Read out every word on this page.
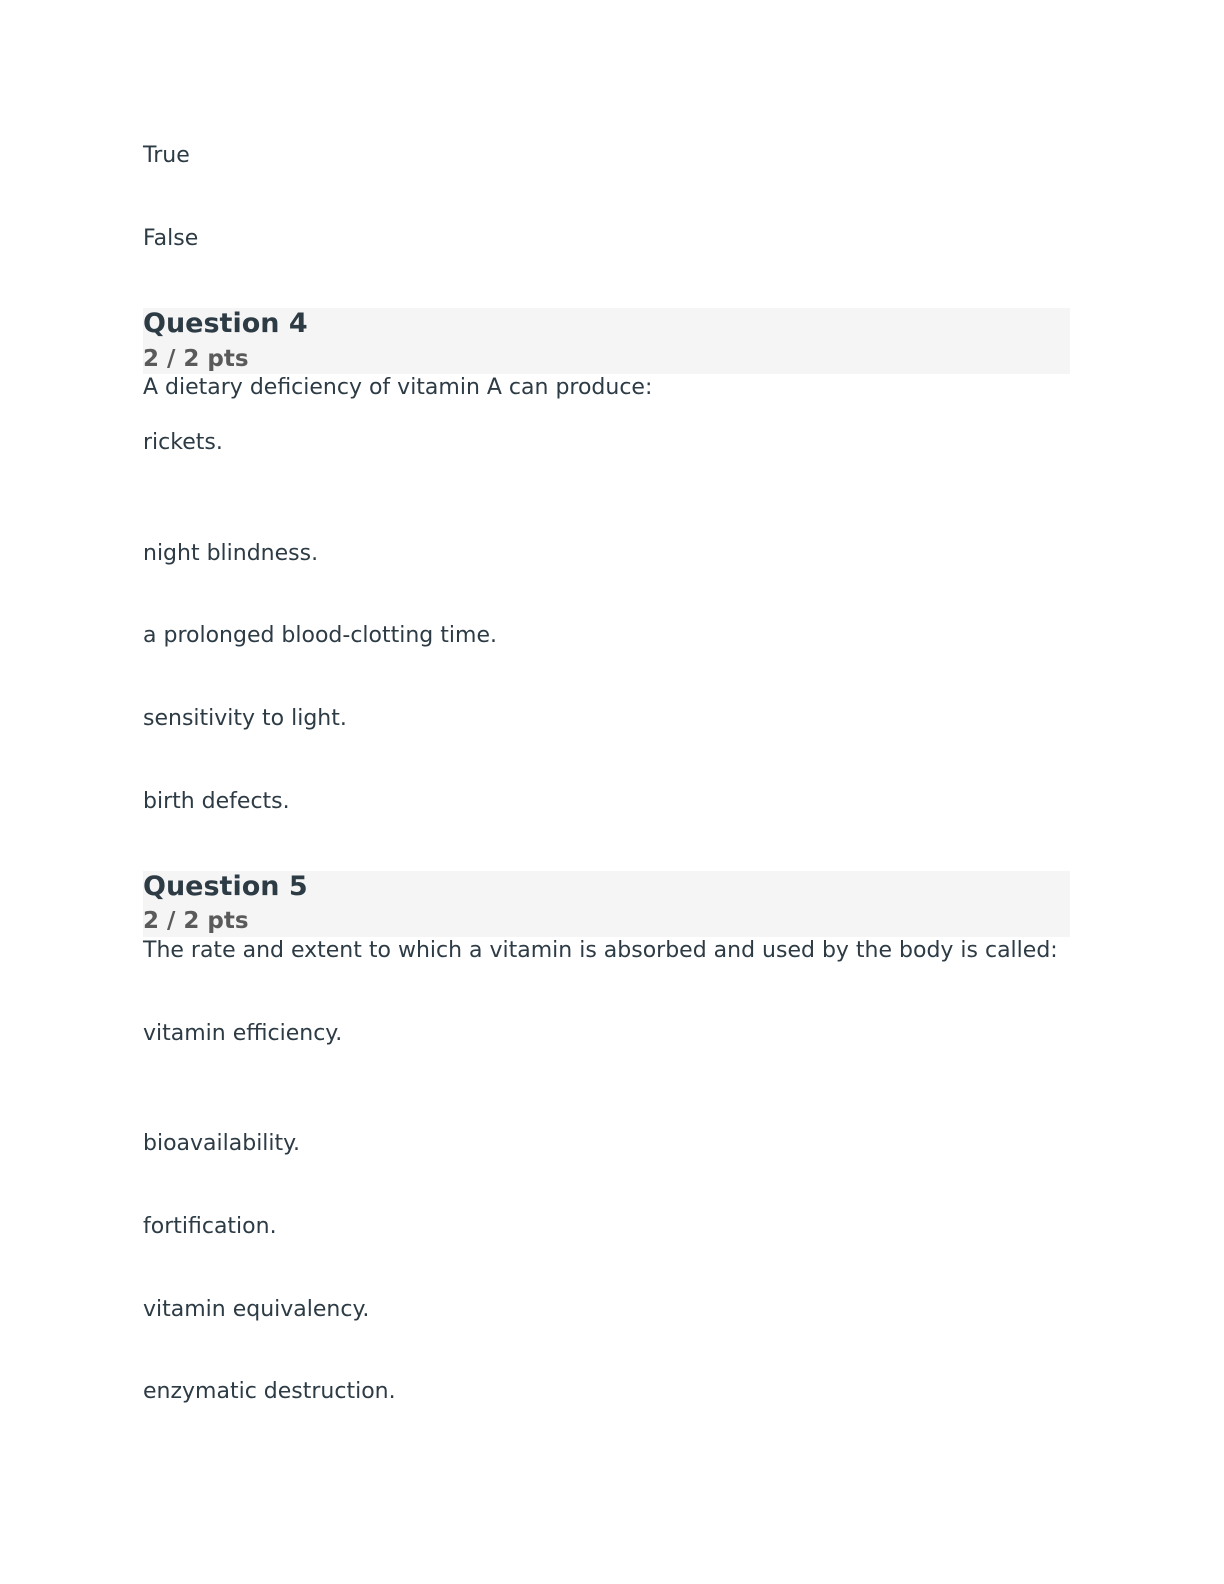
True
False
Question 4
2 / 2 pts
A dietary deficiency of vitamin A can produce:
rickets.
night blindness.
a prolonged blood-clotting time.
sensitivity to light.
birth defects.
Question 5
2 / 2 pts
The rate and extent to which a vitamin is absorbed and used by the body is called:
vitamin efficiency.
bioavailability.
fortification.
vitamin equivalency.
enzymatic destruction.
